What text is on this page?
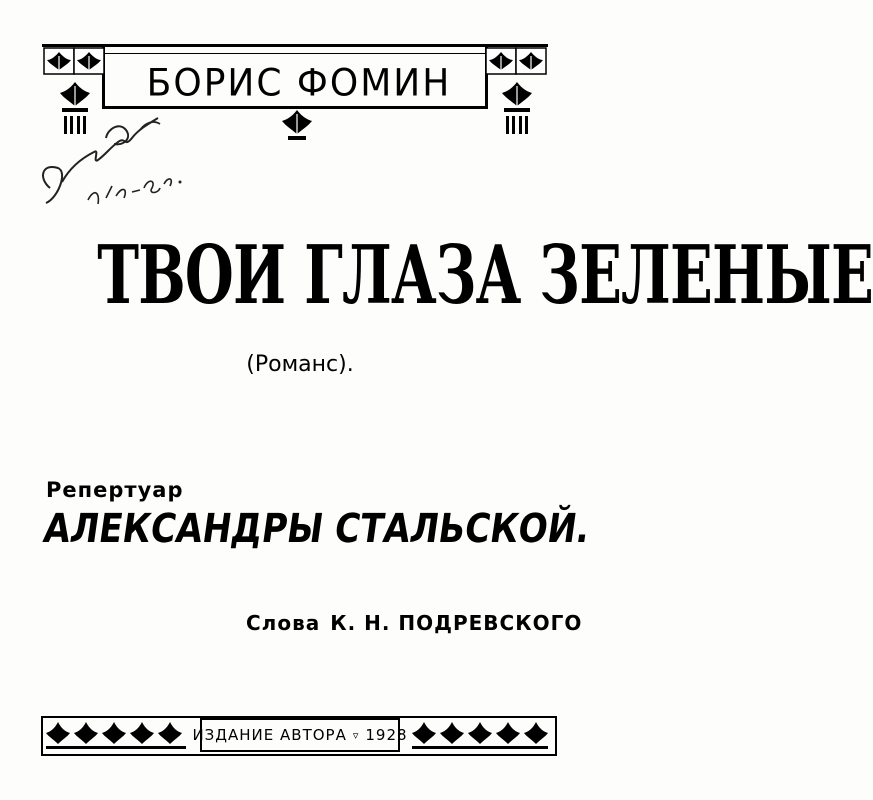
БОРИС ФОМИН
ТВОИ ГЛАЗА ЗЕЛЕНЫЕ
(Романс).
Репертуар
АЛЕКСАНДРЫ СТАЛЬСКОЙ.
Слова К. Н. ПОДРЕВСКОГО
ИЗДАНИЕ АВТОРА ▿ 1928
